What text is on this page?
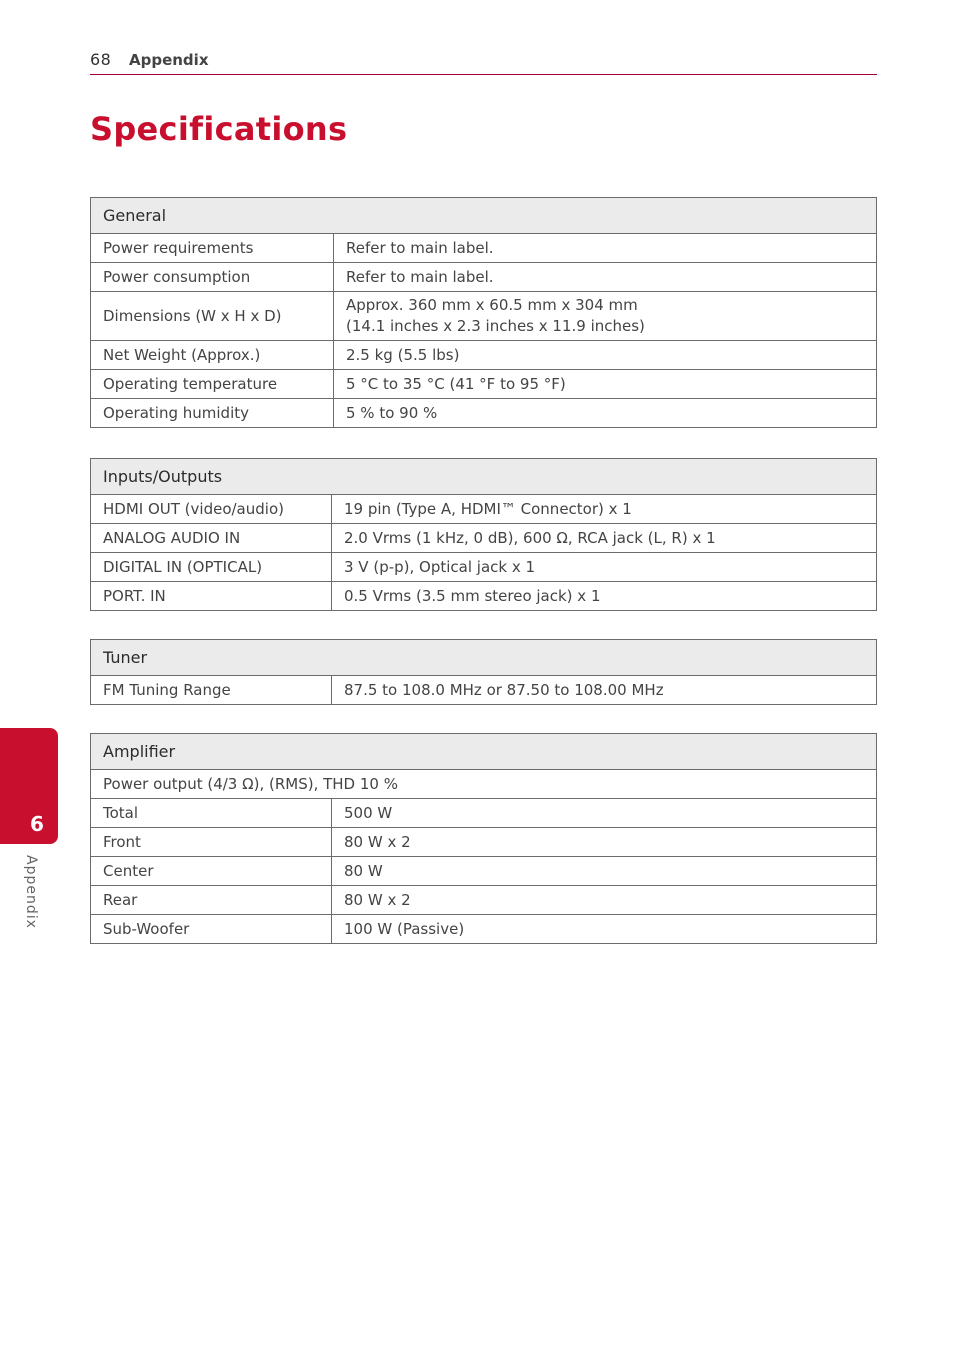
68 Appendix
Specifications
General	
Power requirements	Refer to main label.
Power consumption	Refer to main label.
Dimensions (W x H x D)	Approx. 360 mm x 60.5 mm x 304 mm
(14.1 inches x 2.3 inches x 11.9 inches)

Net Weight (Approx.)	2.5 kg (5.5 lbs)
Operating temperature	5 °C to 35 °C (41 °F to 95 °F)
Operating humidity	5 % to 90 %
Inputs/Outputs	
HDMI OUT (video/audio)	19 pin (Type A, HDMI™ Connector) x 1
ANALOG AUDIO IN	2.0 Vrms (1 kHz, 0 dB), 600 Ω, RCA jack (L, R) x 1
DIGITAL IN (OPTICAL)	3 V (p-p), Optical jack x 1
PORT. IN	0.5 Vrms (3.5 mm stereo jack) x 1
Tuner
FM Tuning Range	87.5 to 108.0 MHz or 87.50 to 108.00 MHz
Amplifier	
Power output (4/3 Ω), (RMS), THD 10 %	
Total	500 W
Front	80 W x 2
Center	80 W
Rear	80 W x 2
Sub-Woofer	100 W (Passive)
6
Appendix
